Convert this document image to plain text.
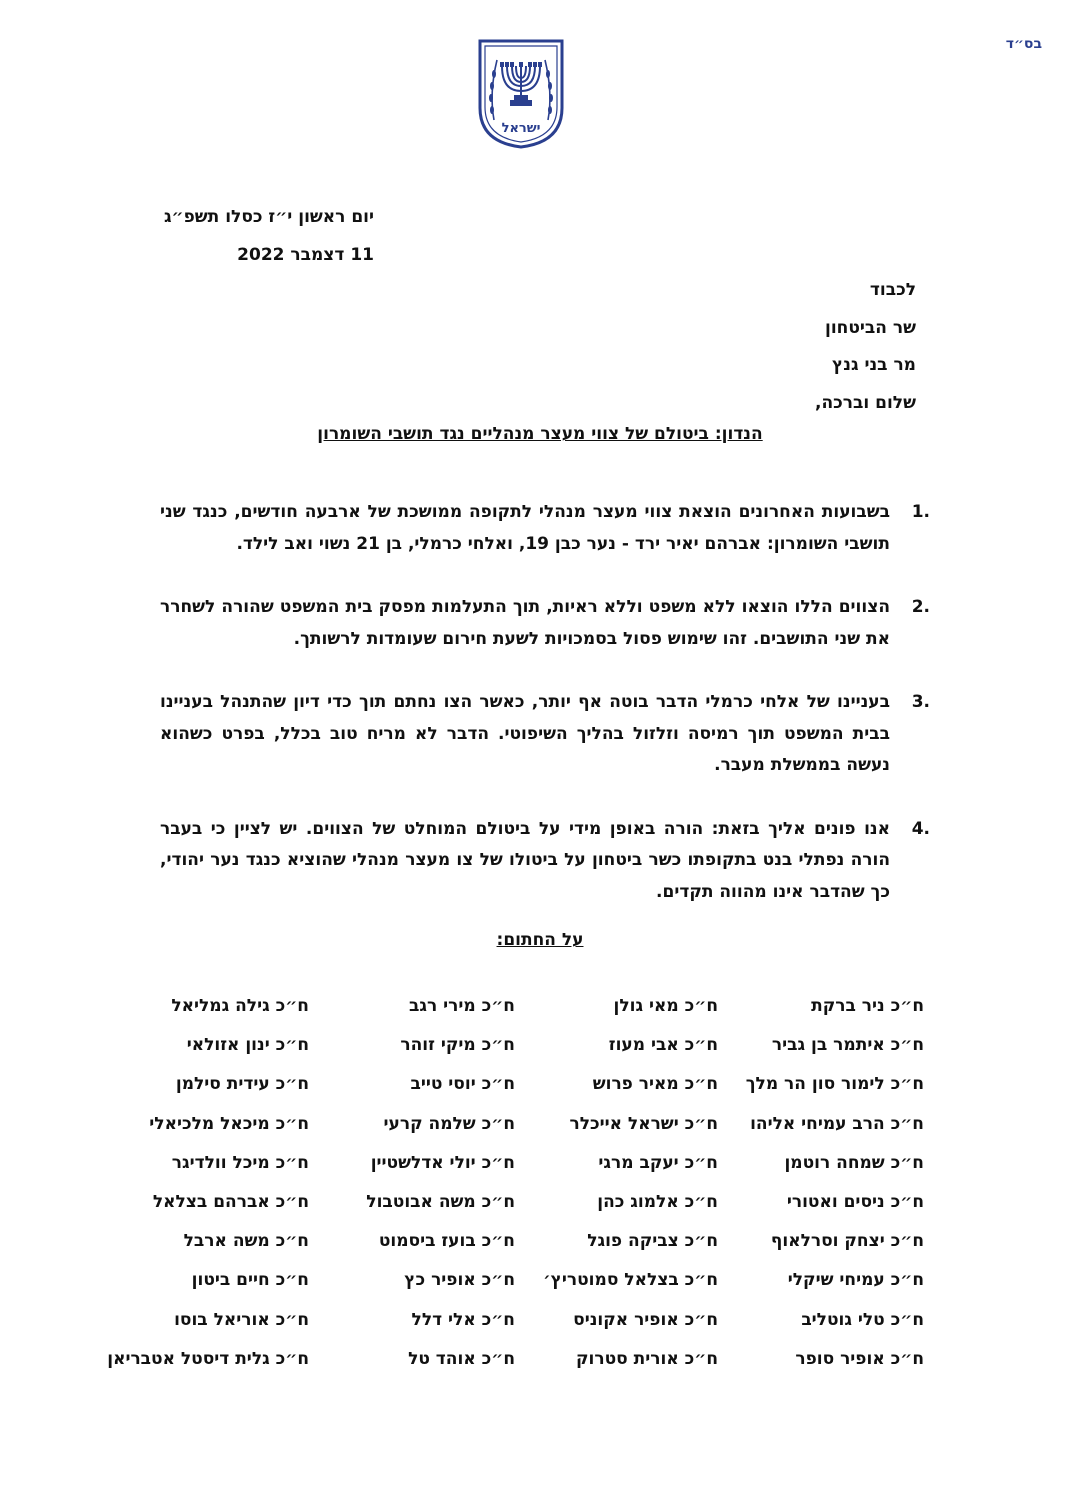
בס״ד
ישראל
יום ראשון י״ז כסלו תשפ״ג
11 דצמבר 2022
לכבוד
שר הביטחון
מר בני גנץ
שלום וברכה,
הנדון: ביטולם של צווי מעצר מנהליים נגד תושבי השומרון
1.
בשבועות האחרונים הוצאת צווי מעצר מנהלי לתקופה ממושכת של ארבעה חודשים, כנגד שני תושבי השומרון: אברהם יאיר ירד - נער כבן 19, ואלחי כרמלי, בן 21 נשוי ואב לילד.
2.
הצווים הללו הוצאו ללא משפט וללא ראיות, תוך התעלמות מפסק בית המשפט שהורה לשחרר את שני התושבים. זהו שימוש פסול בסמכויות לשעת חירום שעומדות לרשותך.
3.
בעניינו של אלחי כרמלי הדבר בוטה אף יותר, כאשר הצו נחתם תוך כדי דיון שהתנהל בעניינו בבית המשפט תוך רמיסה וזלזול בהליך השיפוטי. הדבר לא מריח טוב בכלל, בפרט כשהוא נעשה בממשלת מעבר.
4.
אנו פונים אליך בזאת: הורה באופן מידי על ביטולם המוחלט של הצווים. יש לציין כי בעבר הורה נפתלי בנט בתקופתו כשר ביטחון על ביטולו של צו מעצר מנהלי שהוציא כנגד נער יהודי, כך שהדבר אינו מהווה תקדים.
על החתום:
ח״כ ניר ברקת
ח״כ מאי גולן
ח״כ מירי רגב
ח״כ גילה גמליאל
ח״כ איתמר בן גביר
ח״כ אבי מעוז
ח״כ מיקי זוהר
ח״כ ינון אזולאי
ח״כ לימור סון הר מלך
ח״כ מאיר פרוש
ח״כ יוסי טייב
ח״כ עידית סילמן
ח״כ הרב עמיחי אליהו
ח״כ ישראל אייכלר
ח״כ שלמה קרעי
ח״כ מיכאל מלכיאלי
ח״כ שמחה רוטמן
ח״כ יעקב מרגי
ח״כ יולי אדלשטיין
ח״כ מיכל וולדיגר
ח״כ ניסים ואטורי
ח״כ אלמוג כהן
ח״כ משה אבוטבול
ח״כ אברהם בצלאל
ח״כ יצחק וסרלאוף
ח״כ צביקה פוגל
ח״כ בועז ביסמוט
ח״כ משה ארבל
ח״כ עמיחי שיקלי
ח״כ בצלאל סמוטריץ׳
ח״כ אופיר כץ
ח״כ חיים ביטון
ח״כ טלי גוטליב
ח״כ אופיר אקוניס
ח״כ אלי דלל
ח״כ אוריאל בוסו
ח״כ אופיר סופר
ח״כ אורית סטרוק
ח״כ אוהד טל
ח״כ גלית דיסטל אטבריאן
